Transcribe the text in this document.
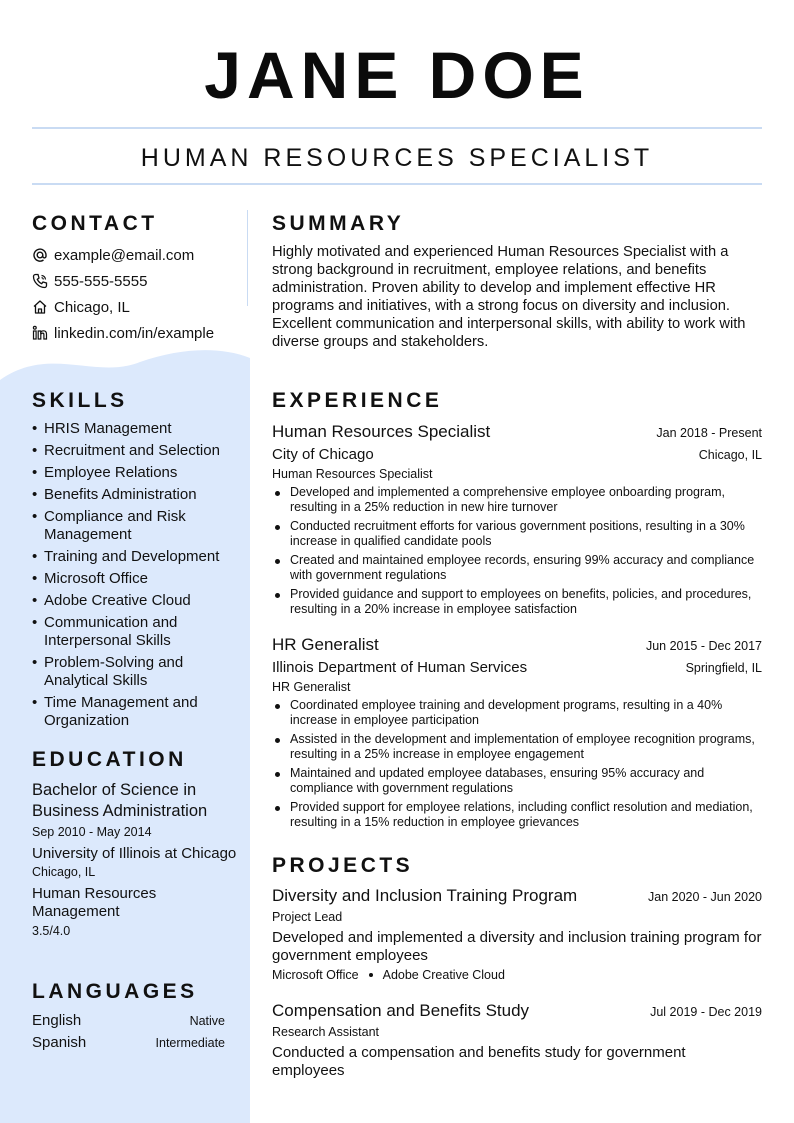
JANE DOE
HUMAN RESOURCES SPECIALIST
CONTACT
example@email.com
555-555-5555
Chicago, IL
linkedin.com/in/example
SKILLS
• HRIS Management
• Recruitment and Selection
• Employee Relations
• Benefits Administration
• Compliance and Risk Management
• Training and Development
• Microsoft Office
• Adobe Creative Cloud
• Communication and Interpersonal Skills
• Problem-Solving and Analytical Skills
• Time Management and Organization
EDUCATION
Bachelor of Science in Business Administration
Sep 2010 - May 2014
University of Illinois at Chicago
Chicago, IL
Human Resources Management
3.5/4.0
LANGUAGES
English	Native
Spanish	Intermediate
SUMMARY

Highly motivated and experienced Human Resources Specialist with a strong background in recruitment, employee relations, and benefits administration. Proven ability to develop and implement effective HR programs and initiatives, with a strong focus on diversity and inclusion. Excellent communication and interpersonal skills, with ability to work with diverse groups and stakeholders.

EXPERIENCE
Human Resources Specialist	Jan 2018 - Present
City of Chicago	Chicago, IL
Human Resources Specialist
Developed and implemented a comprehensive employee onboarding program, resulting in a 25% reduction in new hire turnover
Conducted recruitment efforts for various government positions, resulting in a 30% increase in qualified candidate pools
Created and maintained employee records, ensuring 99% accuracy and compliance with government regulations
Provided guidance and support to employees on benefits, policies, and procedures, resulting in a 20% increase in employee satisfaction
HR Generalist	Jun 2015 - Dec 2017
Illinois Department of Human Services	Springfield, IL
HR Generalist
Coordinated employee training and development programs, resulting in a 40% increase in employee participation
Assisted in the development and implementation of employee recognition programs, resulting in a 25% increase in employee engagement
Maintained and updated employee databases, ensuring 95% accuracy and compliance with government regulations
Provided support for employee relations, including conflict resolution and mediation, resulting in a 15% reduction in employee grievances
PROJECTS
Diversity and Inclusion Training Program	Jan 2020 - Jun 2020
Project Lead
Developed and implemented a diversity and inclusion training program for government employees
Microsoft Office Adobe Creative Cloud
Compensation and Benefits Study	Jul 2019 - Dec 2019
Research Assistant
Conducted a compensation and benefits study for government employees
